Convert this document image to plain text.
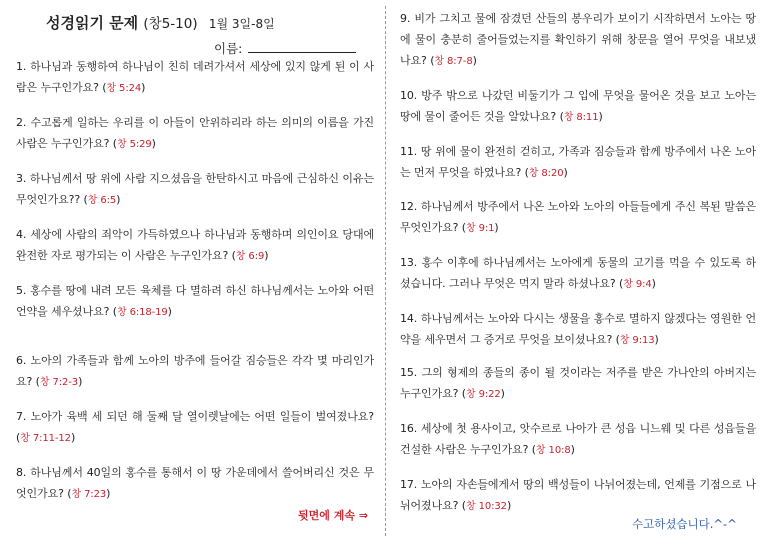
성경읽기 문제 (창5-10) 1월 3일-8일
이름:
1. 하나님과 동행하여 하나님이 친히 데려가셔서 세상에 있지 않게 된 이 사람은 누구인가요? (창 5:24)
2. 수고롭게 일하는 우리를 이 아들이 안위하리라 하는 의미의 이름을 가진 사람은 누구인가요? (창 5:29)
3. 하나님께서 땅 위에 사람 지으셨음을 한탄하시고 마음에 근심하신 이유는 무엇인가요?? (창 6:5)
4. 세상에 사람의 죄악이 가득하였으나 하나님과 동행하며 의인이요 당대에 완전한 자로 평가되는 이 사람은 누구인가요? (창 6:9)
5. 홍수를 땅에 내려 모든 육체를 다 멸하려 하신 하나님께서는 노아와 어떤 언약을 세우셨나요? (창 6:18-19)
6. 노아의 가족들과 함께 노아의 방주에 들어갈 짐승들은 각각 몇 마리인가요? (창 7:2-3)
7. 노아가 육백 세 되던 해 둘째 달 열이렛날에는 어떤 일들이 벌여졌나요? (창 7:11-12)
8. 하나님께서 40일의 홍수를 통해서 이 땅 가운데에서 쓸어버리신 것은 무엇인가요? (창 7:23)
뒷면에 계속 ⇒
9. 비가 그치고 물에 잠겼던 산들의 봉우리가 보이기 시작하면서 노아는 땅에 물이 충분히 줄어들었는지를 확인하기 위해 창문을 열어 무엇을 내보냈나요? (창 8:7-8)
10. 방주 밖으로 나갔던 비둘기가 그 입에 무엇을 물어온 것을 보고 노아는 땅에 물이 줄어든 것을 알았나요? (창 8:11)
11. 땅 위에 물이 완전히 걷히고, 가족과 짐승들과 함께 방주에서 나온 노아는 먼저 무엇을 하였나요? (창 8:20)
12. 하나님께서 방주에서 나온 노아와 노아의 아들들에게 주신 복된 말씀은 무엇인가요? (창 9:1)
13. 홍수 이후에 하나님께서는 노아에게 동물의 고기를 먹을 수 있도록 하셨습니다. 그러나 무엇은 먹지 말라 하셨나요? (창 9:4)
14. 하나님께서는 노아와 다시는 생물을 홍수로 멸하지 않겠다는 영원한 언약을 세우면서 그 증거로 무엇을 보이셨나요? (창 9:13)
15. 그의 형제의 종들의 종이 될 것이라는 저주를 받은 가나안의 아버지는 누구인가요? (창 9:22)
16. 세상에 첫 용사이고, 앗수르로 나아가 큰 성읍 니느웨 및 다른 성읍들을 건설한 사람은 누구인가요? (창 10:8)
17. 노아의 자손들에게서 땅의 백성들이 나뉘어졌는데, 언제를 기점으로 나뉘어졌나요? (창 10:32)
수고하셨습니다.^-^
